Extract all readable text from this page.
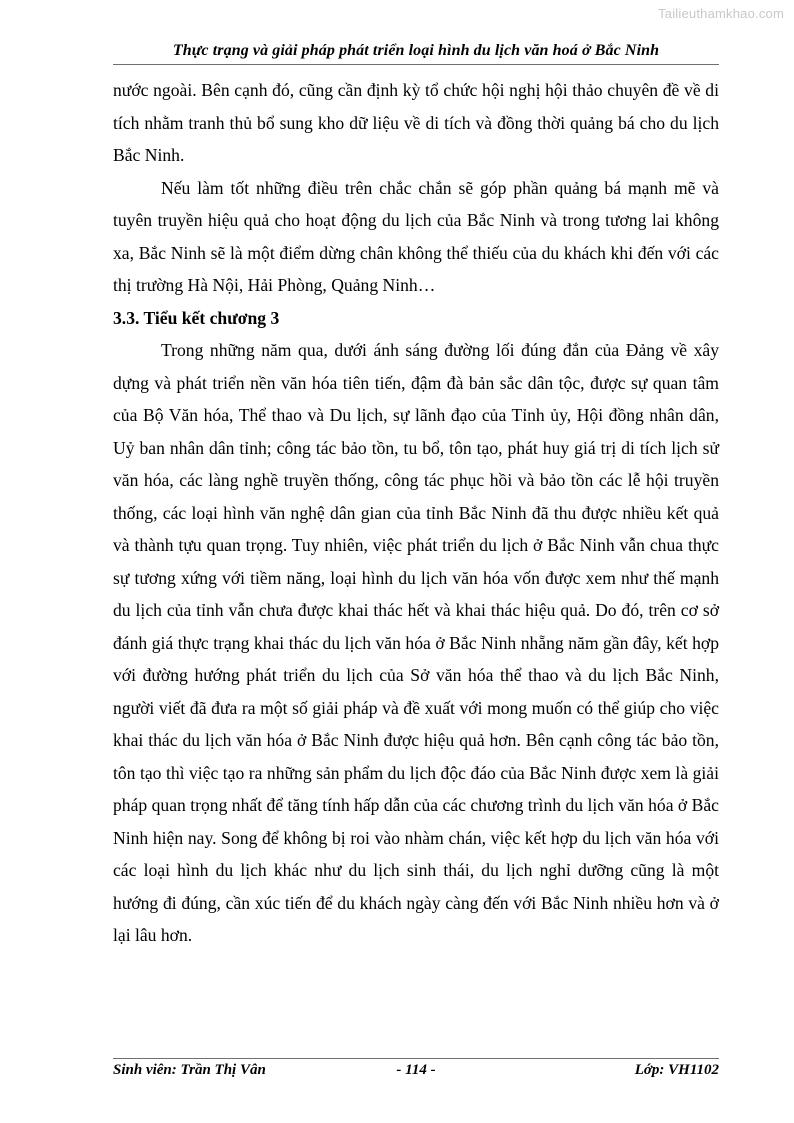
Tailieuthamkhao.com
Thực trạng và giải pháp phát triển loại hình du lịch văn hoá ở Bắc Ninh

nước ngoài. Bên cạnh đó, cũng cần định kỳ tổ chức hội nghị hội thảo chuyên đề về di tích nhằm tranh thủ bổ sung kho dữ liệu về di tích và đồng thời quảng bá cho du lịch Bắc Ninh.

Nếu làm tốt những điều trên chắc chắn sẽ góp phần quảng bá mạnh mẽ và tuyên truyền hiệu quả cho hoạt động du lịch của Bắc Ninh và trong tương lai không xa, Bắc Ninh sẽ là một điểm dừng chân không thể thiếu của du khách khi đến với các thị trường Hà Nội, Hải Phòng, Quảng Ninh…

3.3. Tiểu kết chương 3

Trong những năm qua, dưới ánh sáng đường lối đúng đắn của Đảng về xây dựng và phát triển nền văn hóa tiên tiến, đậm đà bản sắc dân tộc, được sự quan tâm của Bộ Văn hóa, Thể thao và Du lịch, sự lãnh đạo của Tỉnh ủy, Hội đồng nhân dân, Uỷ ban nhân dân tỉnh; công tác bảo tồn, tu bổ, tôn tạo, phát huy giá trị di tích lịch sử văn hóa, các làng nghề truyền thống, công tác phục hồi và bảo tồn các lễ hội truyền thống, các loại hình văn nghệ dân gian của tỉnh Bắc Ninh đã thu được nhiều kết quả và thành tựu quan trọng. Tuy nhiên, việc phát triển du lịch ở Bắc Ninh vẫn chua thực sự tương xứng với tiềm năng, loại hình du lịch văn hóa vốn được xem như thế mạnh du lịch của tỉnh vẫn chưa được khai thác hết và khai thác hiệu quả. Do đó, trên cơ sở đánh giá thực trạng khai thác du lịch văn hóa ở Bắc Ninh nhẵng năm gần đây, kết hợp với đường hướng phát triển du lịch của Sở văn hóa thể thao và du lịch Bắc Ninh, người viết đã đưa ra một số giải pháp và đề xuất với mong muốn có thể giúp cho việc khai thác du lịch văn hóa ở Bắc Ninh được hiệu quả hơn. Bên cạnh công tác bảo tồn, tôn tạo thì việc tạo ra những sản phẩm du lịch độc đáo của Bắc Ninh được xem là giải pháp quan trọng nhất để tăng tính hấp dẫn của các chương trình du lịch văn hóa ở Bắc Ninh hiện nay. Song để không bị roi vào nhàm chán, việc kết hợp du lịch văn hóa với các loại hình du lịch khác như du lịch sinh thái, du lịch nghỉ dưỡng cũng là một hướng đi đúng, cần xúc tiến để du khách ngày càng đến với Bắc Ninh nhiều hơn và ở lại lâu hơn.

Sinh viên: Trần Thị Vân	- 114 -	Lớp: VH1102
